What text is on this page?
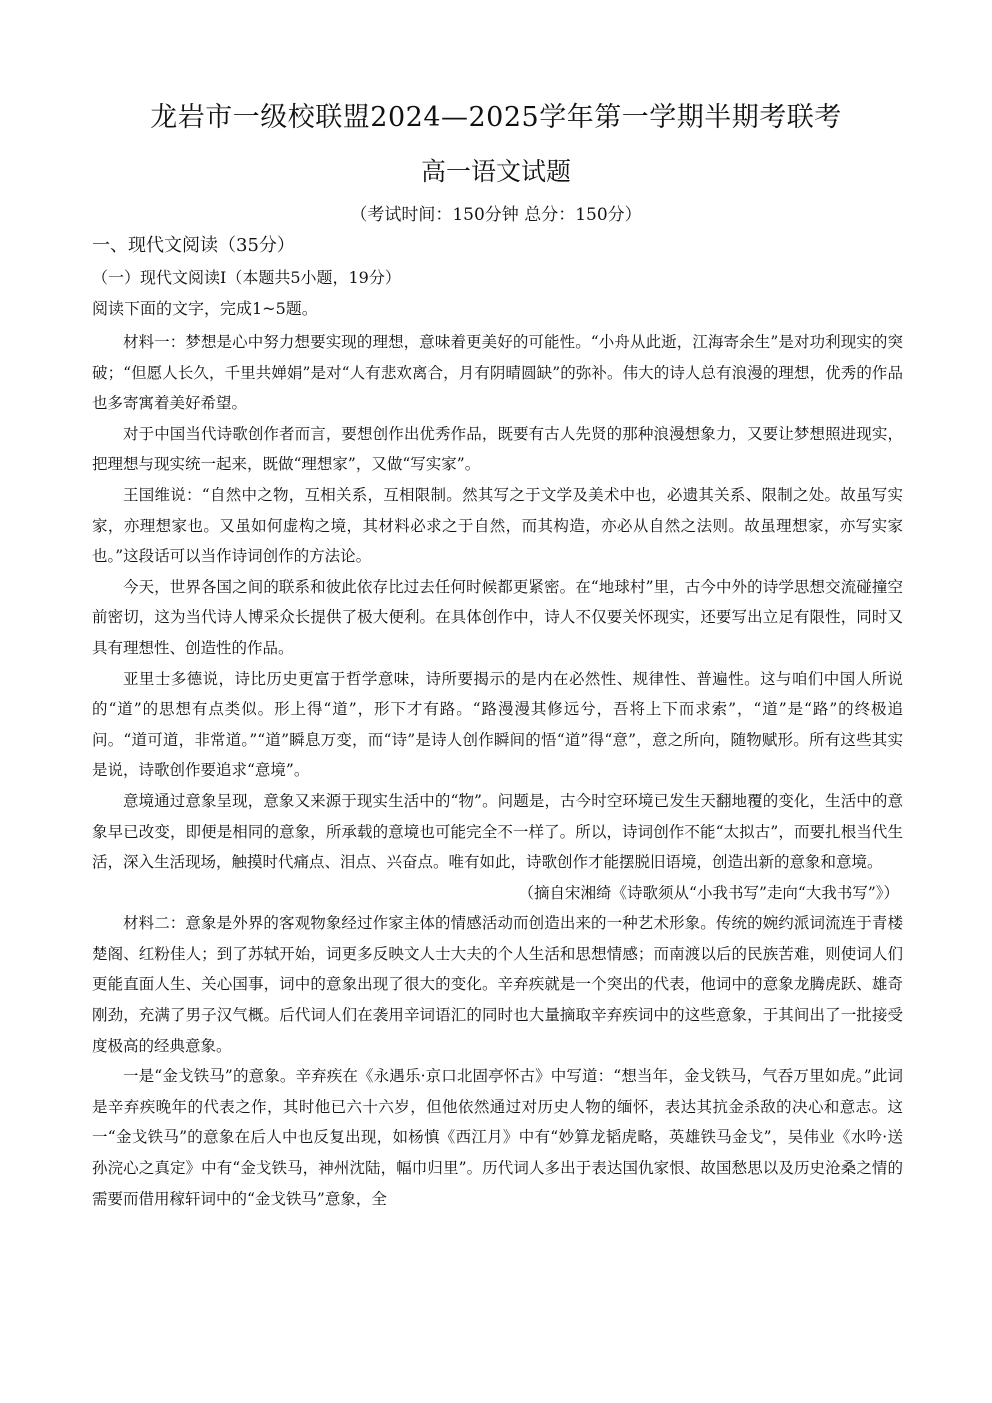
龙岩市一级校联盟2024—2025学年第一学期半期考联考
高一语文试题
（考试时间：150分钟 总分：150分）
一、现代文阅读（35分）
（一）现代文阅读I（本题共5小题，19分）
阅读下面的文字，完成1~5题。

材料一：梦想是心中努力想要实现的理想，意味着更美好的可能性。“小舟从此逝，江海寄余生”是对功利现实的突破；“但愿人长久，千里共婵娟”是对“人有悲欢离合，月有阴晴圆缺”的弥补。伟大的诗人总有浪漫的理想，优秀的作品也多寄寓着美好希望。

对于中国当代诗歌创作者而言，要想创作出优秀作品，既要有古人先贤的那种浪漫想象力，又要让梦想照进现实，把理想与现实统一起来，既做“理想家”，又做“写实家”。

王国维说：“自然中之物，互相关系，互相限制。然其写之于文学及美术中也，必遗其关系、限制之处。故虽写实家，亦理想家也。又虽如何虚构之境，其材料必求之于自然，而其构造，亦必从自然之法则。故虽理想家，亦写实家也。”这段话可以当作诗词创作的方法论。

今天，世界各国之间的联系和彼此依存比过去任何时候都更紧密。在“地球村”里，古今中外的诗学思想交流碰撞空前密切，这为当代诗人博采众长提供了极大便利。在具体创作中，诗人不仅要关怀现实，还要写出立足有限性，同时又具有理想性、创造性的作品。

亚里士多德说，诗比历史更富于哲学意味，诗所要揭示的是内在必然性、规律性、普遍性。这与咱们中国人所说的“道”的思想有点类似。形上得“道”，形下才有路。“路漫漫其修远兮，吾将上下而求索”，“道”是“路”的终极追问。“道可道，非常道。”“道”瞬息万变，而“诗”是诗人创作瞬间的悟“道”得“意”，意之所向，随物赋形。所有这些其实是说，诗歌创作要追求“意境”。

意境通过意象呈现，意象又来源于现实生活中的“物”。问题是，古今时空环境已发生天翻地覆的变化，生活中的意象早已改变，即便是相同的意象，所承载的意境也可能完全不一样了。所以，诗词创作不能“太拟古”，而要扎根当代生活，深入生活现场，触摸时代痛点、泪点、兴奋点。唯有如此，诗歌创作才能摆脱旧语境，创造出新的意象和意境。

（摘自宋湘绮《诗歌须从“小我书写”走向“大我书写”》）

材料二：意象是外界的客观物象经过作家主体的情感活动而创造出来的一种艺术形象。传统的婉约派词流连于青楼楚阁、红粉佳人；到了苏轼开始，词更多反映文人士大夫的个人生活和思想情感；而南渡以后的民族苦难，则使词人们更能直面人生、关心国事，词中的意象出现了很大的变化。辛弃疾就是一个突出的代表，他词中的意象龙腾虎跃、雄奇刚劲，充满了男子汉气概。后代词人们在袭用辛词语汇的同时也大量摘取辛弃疾词中的这些意象，于其间出了一批接受度极高的经典意象。

一是“金戈铁马”的意象。辛弃疾在《永遇乐·京口北固亭怀古》中写道：“想当年，金戈铁马，气吞万里如虎。”此词是辛弃疾晚年的代表之作，其时他已六十六岁，但他依然通过对历史人物的缅怀，表达其抗金杀敌的决心和意志。这一“金戈铁马”的意象在后人中也反复出现，如杨慎《西江月》中有“妙算龙韬虎略，英雄铁马金戈”，吴伟业《水吟·送孙浣心之真定》中有“金戈铁马，神州沈陆，幅巾归里”。历代词人多出于表达国仇家恨、故国愁思以及历史沧桑之情的需要而借用稼轩词中的“金戈铁马”意象，全
